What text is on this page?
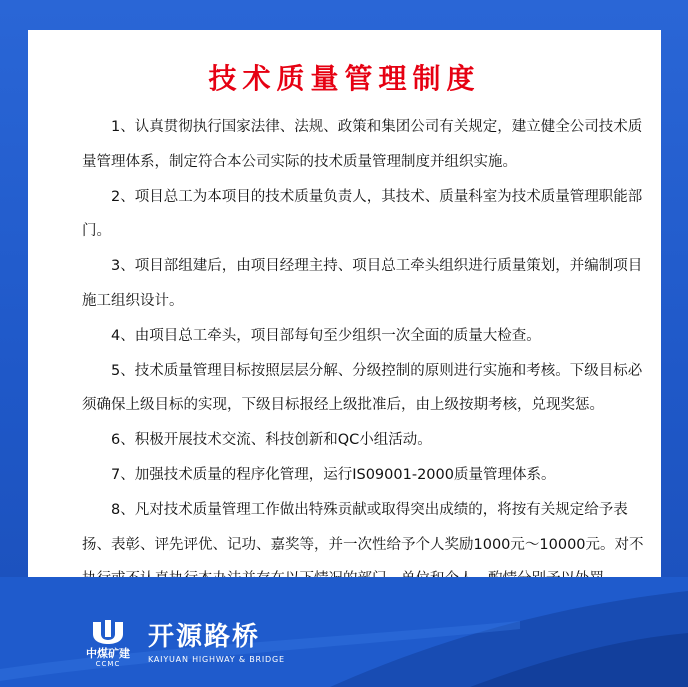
技术质量管理制度

1、认真贯彻执行国家法律、法规、政策和集团公司有关规定，建立健全公司技术质量管理体系，制定符合本公司实际的技术质量管理制度并组织实施。

2、项目总工为本项目的技术质量负责人，其技术、质量科室为技术质量管理职能部门。

3、项目部组建后，由项目经理主持、项目总工牵头组织进行质量策划，并编制项目施工组织设计。

4、由项目总工牵头，项目部每旬至少组织一次全面的质量大检查。

5、技术质量管理目标按照层层分解、分级控制的原则进行实施和考核。下级目标必须确保上级目标的实现，下级目标报经上级批准后，由上级按期考核，兑现奖惩。

6、积极开展技术交流、科技创新和QC小组活动。

7、加强技术质量的程序化管理，运行IS09001-2000质量管理体系。

8、凡对技术质量管理工作做出特殊贡献或取得突出成绩的，将按有关规定给予表扬、表彰、评先评优、记功、嘉奖等，并一次性给予个人奖励1000元～10000元。对不

中煤矿建
CCMC
开源路桥
KAIYUAN HIGHWAY & BRIDGE
